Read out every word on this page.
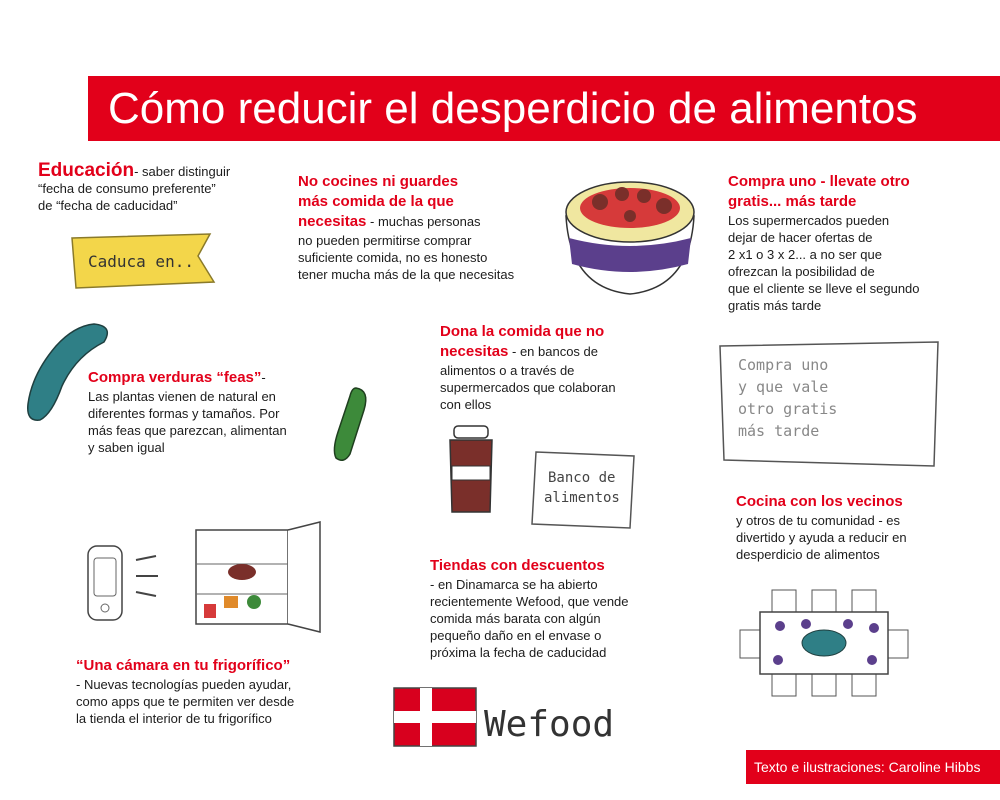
Cómo reducir el desperdicio de alimentos

Educación- saber distinguir

“fecha de consumo preferente”

de “fecha de caducidad”

Caduca en..

No cocines ni guardes

más comida de la que

necesitas - muchas personas

no pueden permitirse comprar

suficiente comida, no es honesto

tener mucha más de la que necesitas

Compra uno - llevate otro

gratis... más tarde

Los supermercados pueden

dejar de hacer ofertas de

2 x1 o 3 x 2... a no ser que

ofrezcan la posibilidad de

que el cliente se lleve el segundo

gratis más tarde

Compra uno
y que vale
otro gratis
más tarde

Compra verduras “feas”-

Las plantas vienen de natural en

diferentes formas y tamaños. Por

más feas que parezcan, alimentan

y saben igual

Dona la comida que no

necesitas - en bancos de

alimentos o a través de

supermercados que colaboran

con ellos

Banco de
alimentos	Cocina con los vecinos

y otros de tu comunidad - es

divertido y ayuda a reducir en

desperdicio de alimentos

“Una cámara en tu frigorífico”

- Nuevas tecnologías pueden ayudar,

como apps que te permiten ver desde

la tienda el interior de tu frigorífico

Tiendas con descuentos

- en Dinamarca se ha abierto

recientemente Wefood, que vende

comida más barata con algún

pequeño daño en el envase o

próxima la fecha de caducidad

Wefood
Texto e ilustraciones: Caroline Hibbs
